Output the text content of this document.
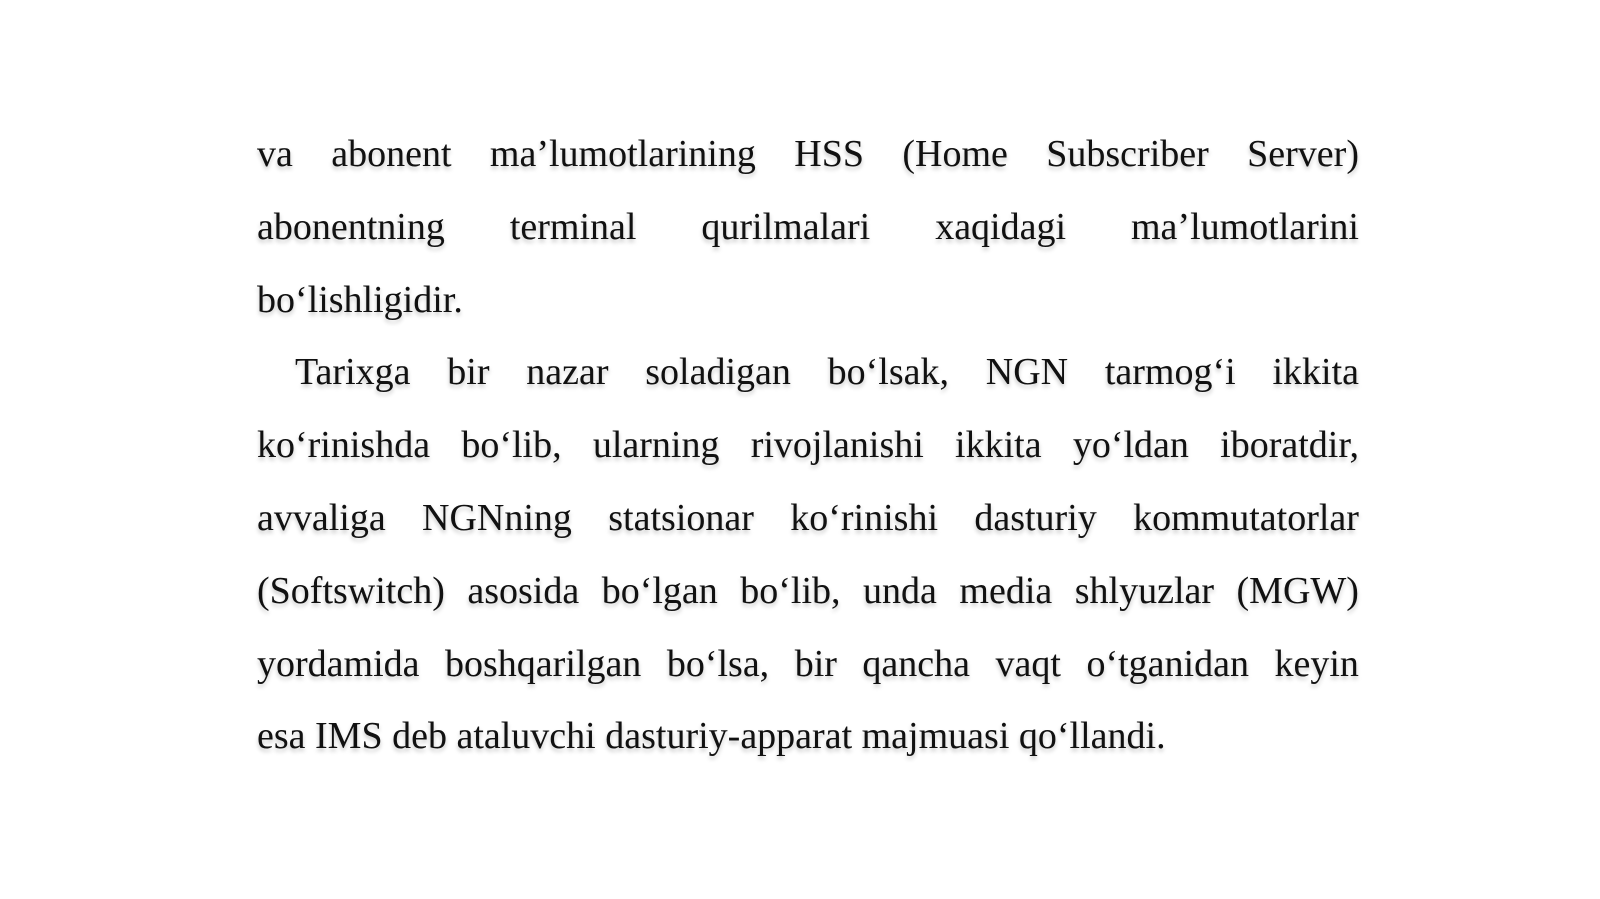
va abonent ma’lumotlarining HSS (Home Subscriber Server)
abonentning terminal qurilmalari xaqidagi ma’lumotlarini
bo‘lishligidir.
Tarixga bir nazar soladigan bo‘lsak, NGN tarmog‘i ikkita
ko‘rinishda bo‘lib, ularning rivojlanishi ikkita yo‘ldan iboratdir,
avvaliga NGNning statsionar ko‘rinishi dasturiy kommutatorlar
(Softswitch) asosida bo‘lgan bo‘lib, unda media shlyuzlar (MGW)
yordamida boshqarilgan bo‘lsa, bir qancha vaqt o‘tganidan keyin
esa IMS deb ataluvchi dasturiy-apparat majmuasi qo‘llandi.
